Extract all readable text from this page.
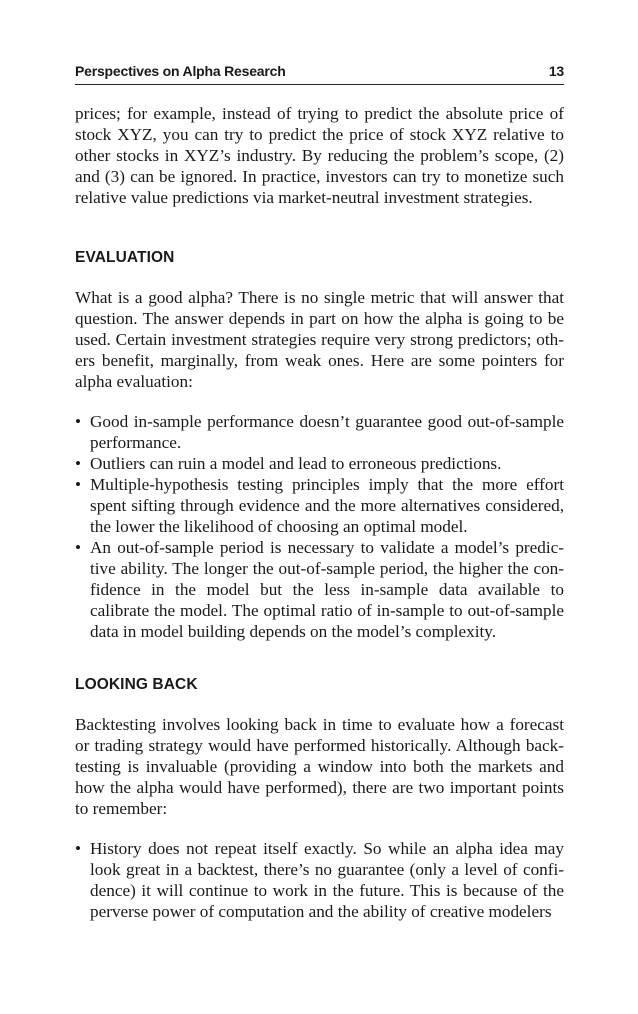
Perspectives on Alpha Research	13

prices; for example, instead of trying to predict the absolute price of stock XYZ, you can try to predict the price of stock XYZ relative to other stocks in XYZ’s industry. By reducing the problem’s scope, (2) and (3) can be ignored. In practice, investors can try to monetize such relative value predictions via market-neutral investment strategies.

EVALUATION

What is a good alpha? There is no single metric that will answer that question. The answer depends in part on how the alpha is going to be used. Certain investment strategies require very strong predictors; oth-ers benefit, marginally, from weak ones. Here are some pointers for alpha evaluation:

• Good in-sample performance doesn’t guarantee good out-of-sample performance.
• Outliers can ruin a model and lead to erroneous predictions.
• Multiple-hypothesis testing principles imply that the more effort spent sifting through evidence and the more alternatives considered, the lower the likelihood of choosing an optimal model.
• An out-of-sample period is necessary to validate a model’s predic-tive ability. The longer the out-of-sample period, the higher the con-fidence in the model but the less in-sample data available to calibrate the model. The optimal ratio of in-sample to out-of-sample data in model building depends on the model’s complexity.
LOOKING BACK

Backtesting involves looking back in time to evaluate how a forecast or trading strategy would have performed historically. Although back-testing is invaluable (providing a window into both the markets and how the alpha would have performed), there are two important points to remember:

• History does not repeat itself exactly. So while an alpha idea may look great in a backtest, there’s no guarantee (only a level of confi-dence) it will continue to work in the future. This is because of the perverse power of computation and the ability of creative modelers
